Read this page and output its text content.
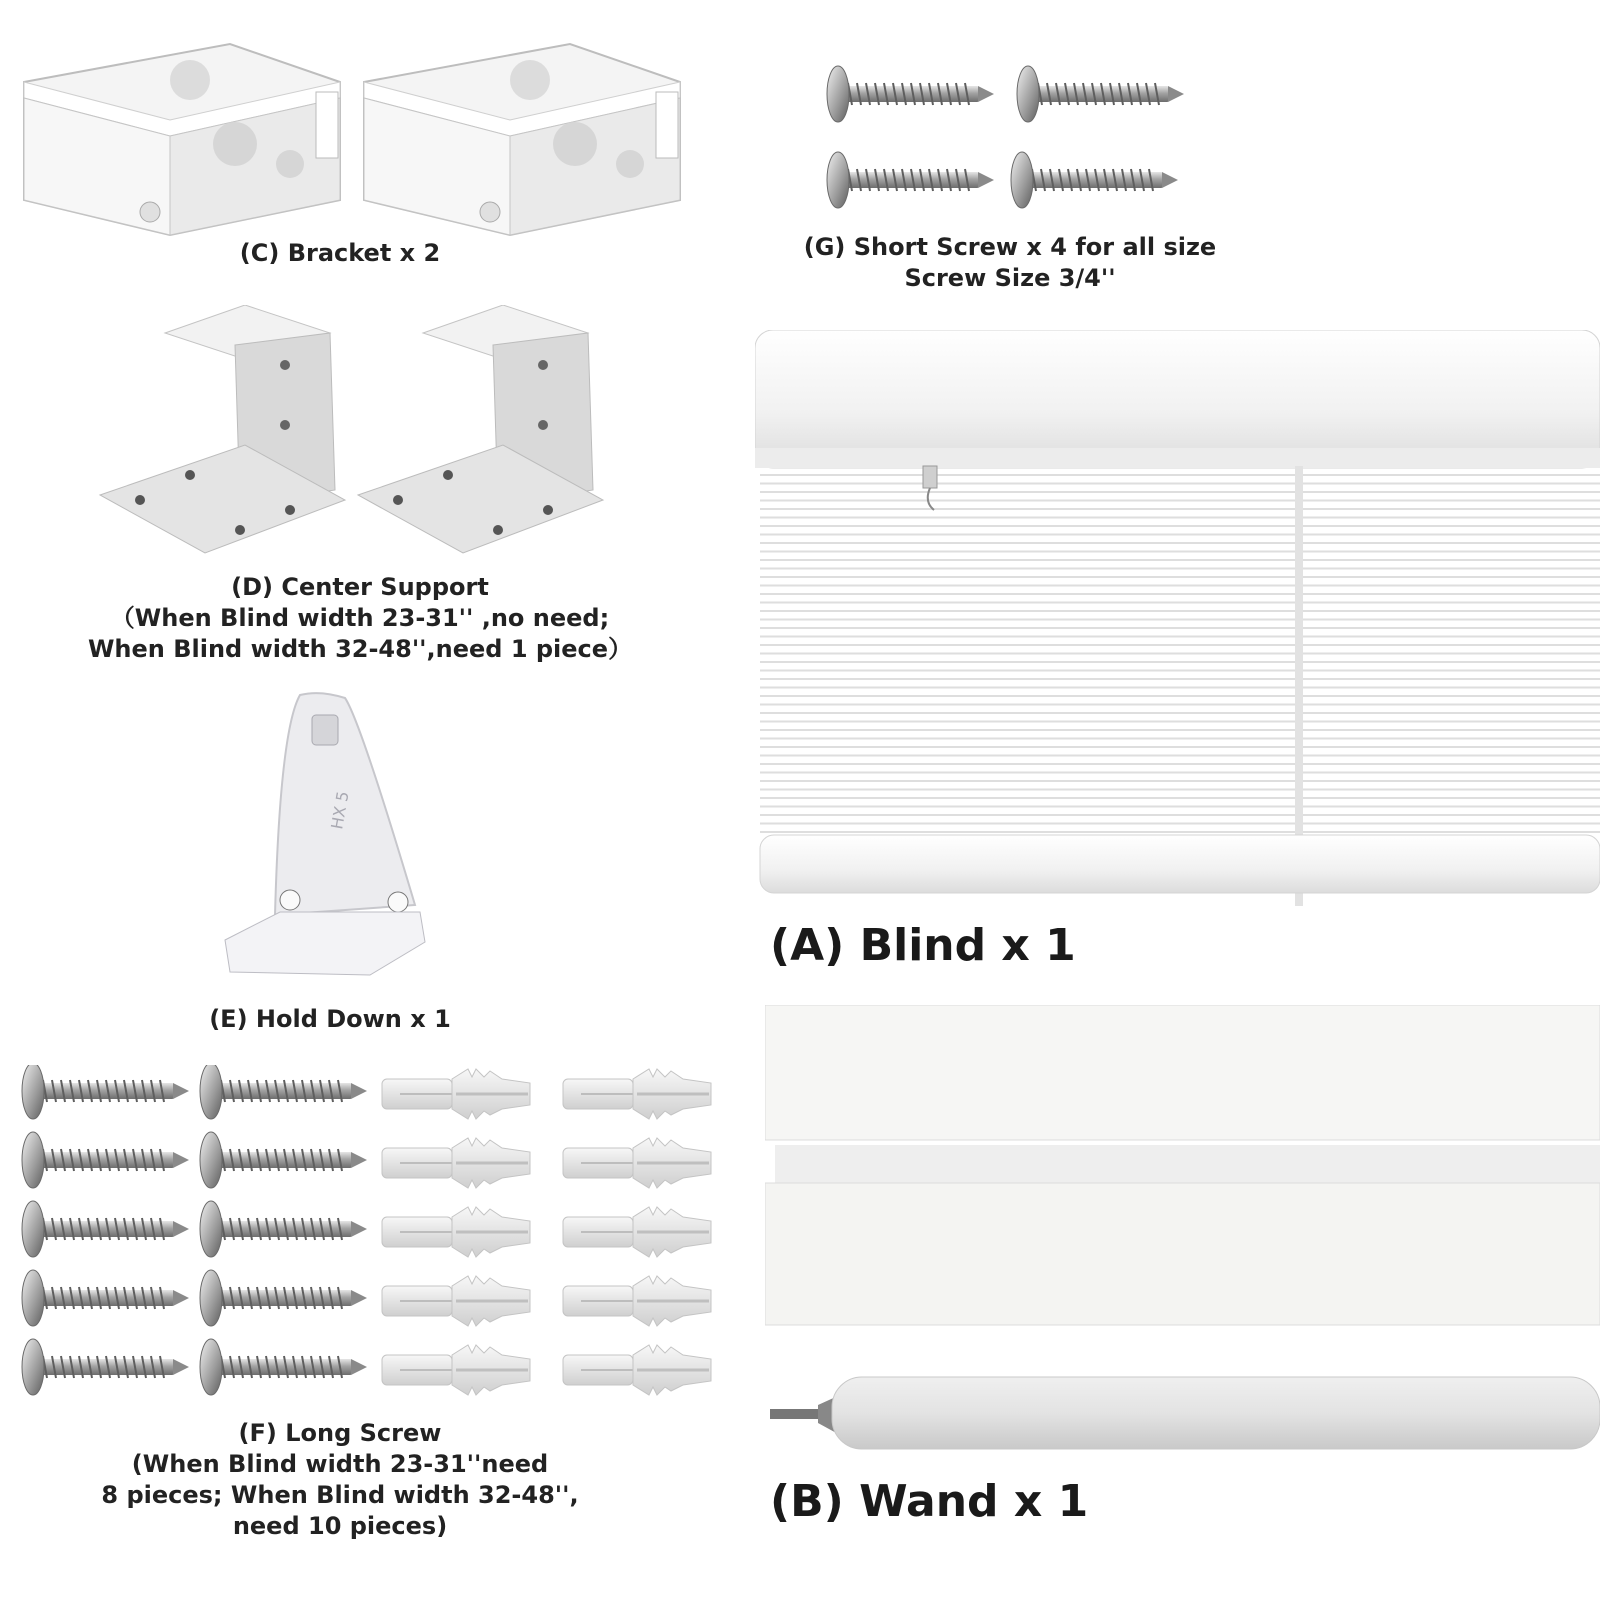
(C) Bracket x 2	(G) Short Screw x 4 for all size
Screw Size 3/4''
(D) Center Support
（When Blind width 23-31'' ,no need;
When Blind width 32-48'',need 1 piece）
(A) Blind x 1
HX 5
(E) Hold Down x 1
(B) Wand x 1
(F) Long Screw
(When Blind width 23-31''need
8 pieces; When Blind width 32-48'',
need 10 pieces)
